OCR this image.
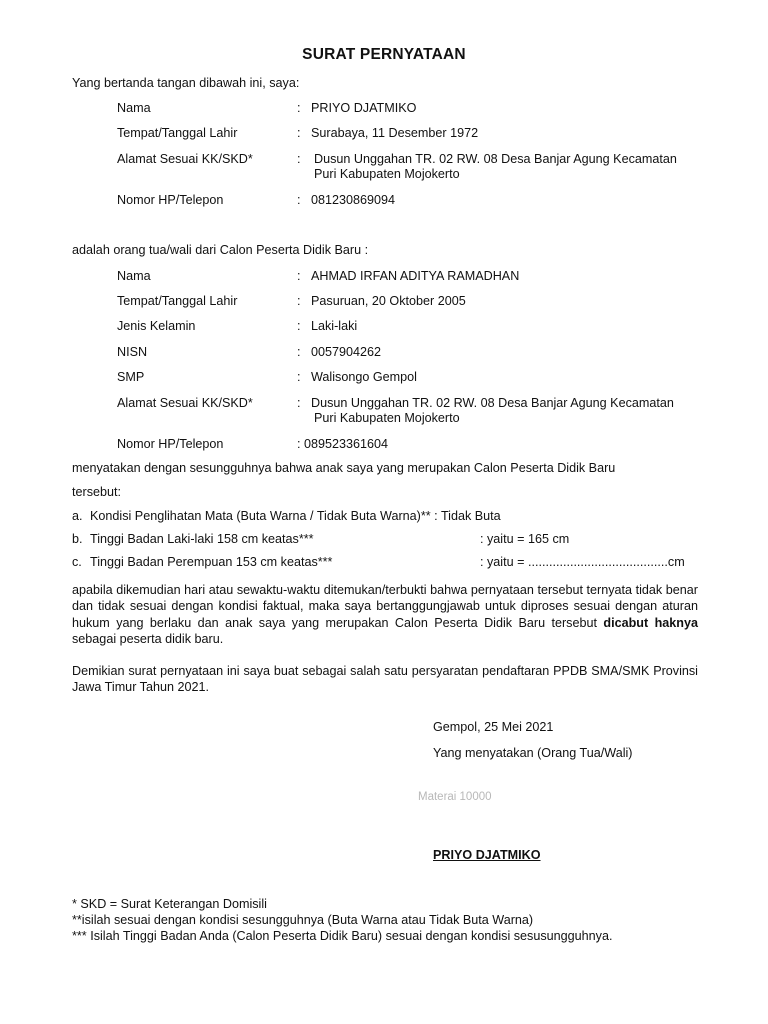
SURAT PERNYATAAN
Yang bertanda tangan dibawah ini, saya:
Nama	: PRIYO DJATMIKO
Tempat/Tanggal Lahir	: Surabaya, 11 Desember 1972
Alamat Sesuai KK/SKD*	: Dusun Unggahan TR. 02 RW. 08 Desa Banjar Agung Kecamatan
Puri Kabupaten Mojokerto
Nomor HP/Telepon	: 081230869094
adalah orang tua/wali dari Calon Peserta Didik Baru :
Nama	: AHMAD IRFAN ADITYA RAMADHAN
Tempat/Tanggal Lahir	: Pasuruan, 20 Oktober 2005
Jenis Kelamin	: Laki-laki
NISN	: 0057904262
SMP	: Walisongo Gempol
Alamat Sesuai KK/SKD*	: Dusun Unggahan TR. 02 RW. 08 Desa Banjar Agung Kecamatan
Puri Kabupaten Mojokerto
Nomor HP/Telepon	: 089523361604
menyatakan dengan sesungguhnya bahwa anak saya yang merupakan Calon Peserta Didik Baru
tersebut:
a. Kondisi Penglihatan Mata (Buta Warna / Tidak Buta Warna)** : Tidak Buta
b. Tinggi Badan Laki-laki 158 cm keatas***	: yaitu = 165 cm
c. Tinggi Badan Perempuan 153 cm keatas***	: yaitu = ........................................cm
apabila dikemudian hari atau sewaktu-waktu ditemukan/terbukti bahwa pernyataan tersebut ternyata tidak benar dan tidak sesuai dengan kondisi faktual, maka saya bertanggungjawab untuk diproses sesuai dengan aturan hukum yang berlaku dan anak saya yang merupakan Calon Peserta Didik Baru tersebut dicabut haknya sebagai peserta didik baru.
Demikian surat pernyataan ini saya buat sebagai salah satu persyaratan pendaftaran PPDB SMA/SMK Provinsi Jawa Timur Tahun 2021.
Gempol, 25 Mei 2021
Yang menyatakan (Orang Tua/Wali)
Materai 10000
PRIYO DJATMIKO
* SKD = Surat Keterangan Domisili
**isilah sesuai dengan kondisi sesungguhnya (Buta Warna atau Tidak Buta Warna)
*** Isilah Tinggi Badan Anda (Calon Peserta Didik Baru) sesuai dengan kondisi sesusungguhnya.
